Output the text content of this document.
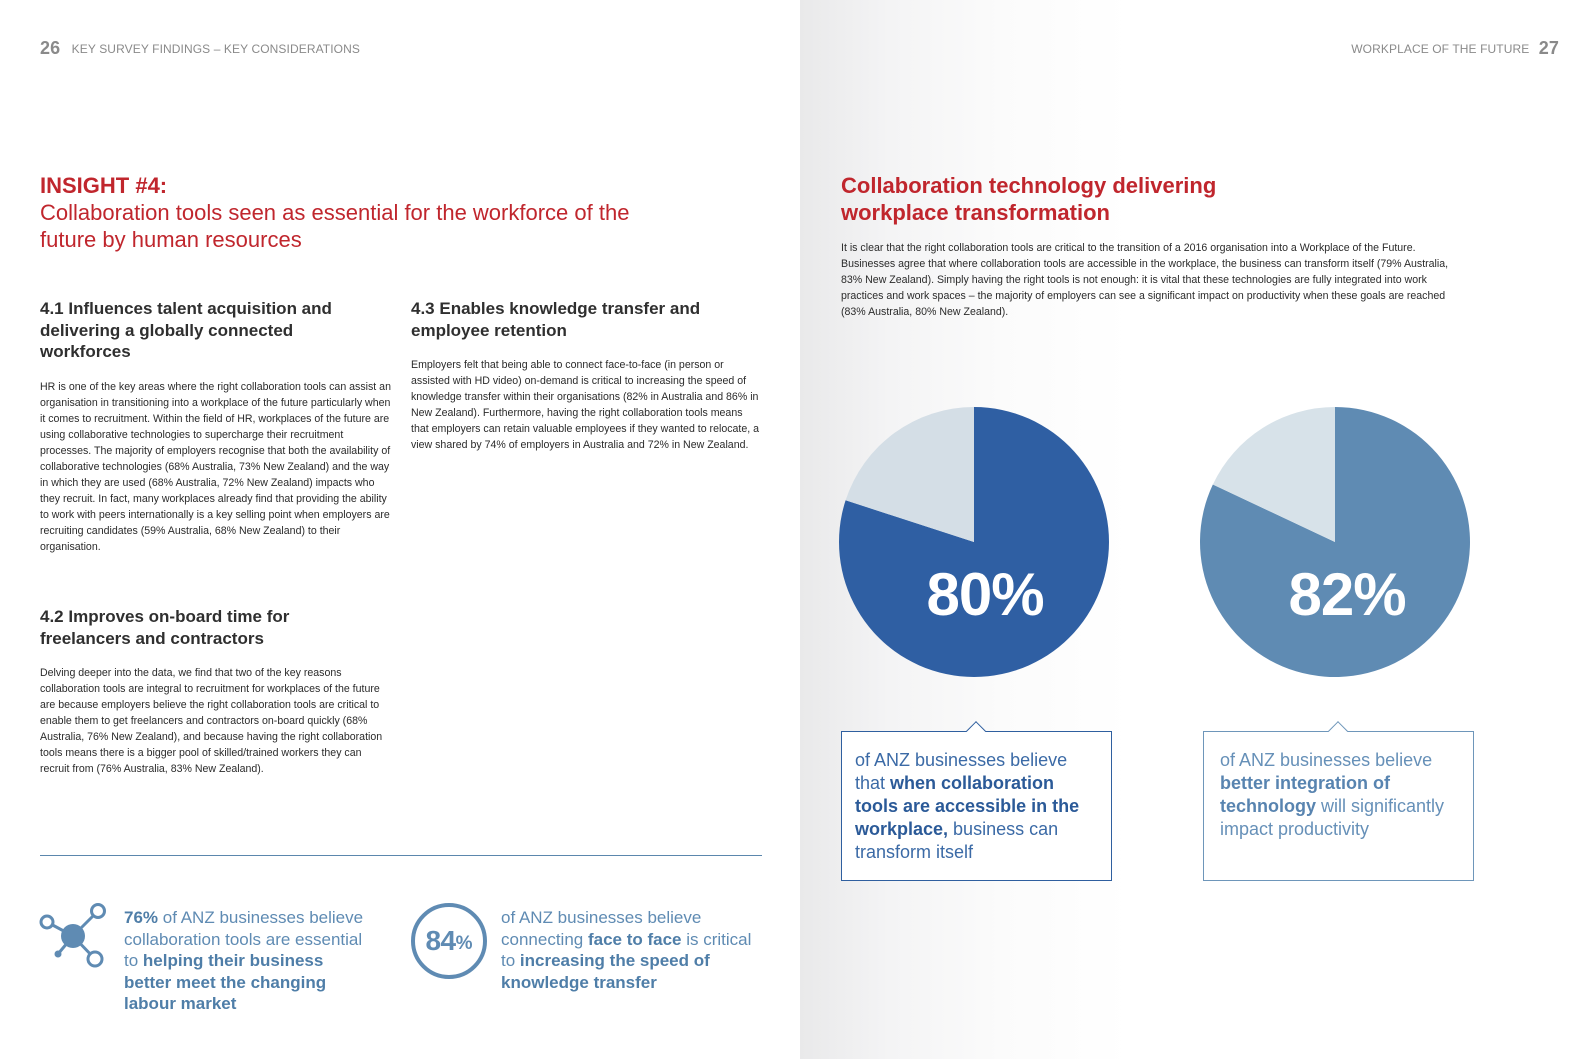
26 KEY SURVEY FINDINGS – KEY CONSIDERATIONS
INSIGHT #4:
Collaboration tools seen as essential for the workforce of the future by human resources
4.1 Influences talent acquisition and delivering a globally connected workforces
HR is one of the key areas where the right collaboration tools can assist an organisation in transitioning into a workplace of the future particularly when it comes to recruitment. Within the field of HR, workplaces of the future are using collaborative technologies to supercharge their recruitment processes. The majority of employers recognise that both the availability of collaborative technologies (68% Australia, 73% New Zealand) and the way in which they are used (68% Australia, 72% New Zealand) impacts who they recruit. In fact, many workplaces already find that providing the ability to work with peers internationally is a key selling point when employers are recruiting candidates (59% Australia, 68% New Zealand) to their organisation.
4.2 Improves on-board time for freelancers and contractors
Delving deeper into the data, we find that two of the key reasons collaboration tools are integral to recruitment for workplaces of the future are because employers believe the right collaboration tools are critical to enable them to get freelancers and contractors on-board quickly (68% Australia, 76% New Zealand), and because having the right collaboration tools means there is a bigger pool of skilled/trained workers they can recruit from (76% Australia, 83% New Zealand).
4.3 Enables knowledge transfer and employee retention
Employers felt that being able to connect face-to-face (in person or assisted with HD video) on-demand is critical to increasing the speed of knowledge transfer within their organisations (82% in Australia and 86% in New Zealand). Furthermore, having the right collaboration tools means that employers can retain valuable employees if they wanted to relocate, a view shared by 74% of employers in Australia and 72% in New Zealand.
76% of ANZ businesses believe collaboration tools are essential to helping their business better meet the changing labour market
84 %
of ANZ businesses believe connecting face to face is critical to increasing the speed of knowledge transfer
WORKPLACE OF THE FUTURE 27
Collaboration technology delivering workplace transformation
It is clear that the right collaboration tools are critical to the transition of a 2016 organisation into a Workplace of the Future. Businesses agree that where collaboration tools are accessible in the workplace, the business can transform itself (79% Australia, 83% New Zealand). Simply having the right tools is not enough: it is vital that these technologies are fully integrated into work practices and work spaces – the majority of employers can see a significant impact on productivity when these goals are reached (83% Australia, 80% New Zealand).
80%	82%
of ANZ businesses believe that when collaboration tools are accessible in the workplace, business can transform itself
of ANZ businesses believe better integration of technology will significantly impact productivity
